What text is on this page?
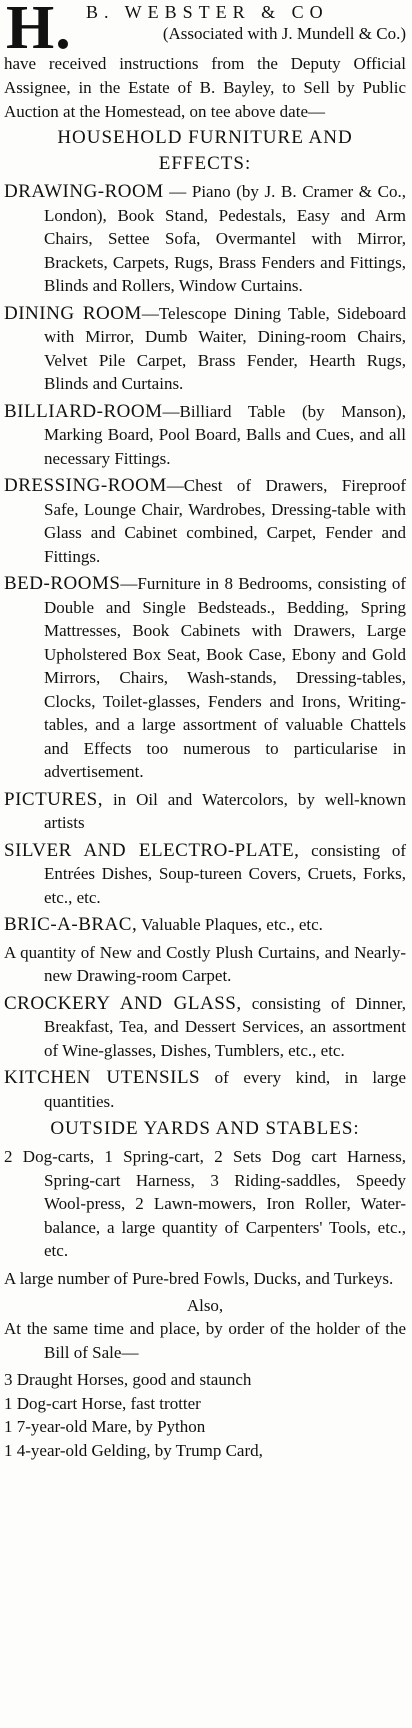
H. B. WEBSTER & CO
(Associated with J. Mundell & Co.)

have received instructions from the Deputy Official Assignee, in the Estate of B. Bayley, to Sell by Public Auction at the Homestead, on tee above date—

HOUSEHOLD FURNITURE AND
EFFECTS:

DRAWING-ROOM — Piano (by J. B. Cramer & Co., London), Book Stand, Pedestals, Easy and Arm Chairs, Settee Sofa, Overmantel with Mirror, Brackets, Carpets, Rugs, Brass Fenders and Fittings, Blinds and Rollers, Window Curtains.

DINING ROOM—Telescope Dining Table, Sideboard with Mirror, Dumb Waiter, Dining-room Chairs, Velvet Pile Carpet, Brass Fender, Hearth Rugs, Blinds and Curtains.

BILLIARD-ROOM—Billiard Table (by Manson), Marking Board, Pool Board, Balls and Cues, and all necessary Fittings.

DRESSING-ROOM—Chest of Drawers, Fireproof Safe, Lounge Chair, Wardrobes, Dressing-table with Glass and Cabinet combined, Carpet, Fender and Fittings.

BED-ROOMS—Furniture in 8 Bedrooms, consisting of Double and Single Bedsteads., Bedding, Spring Mattresses, Book Cabinets with Drawers, Large Upholstered Box Seat, Book Case, Ebony and Gold Mirrors, Chairs, Wash-stands, Dressing-tables, Clocks, Toilet-glasses, Fenders and Irons, Writing-tables, and a large assortment of valuable Chattels and Effects too numerous to particularise in advertisement.

PICTURES, in Oil and Watercolors, by well-known artists

SILVER AND ELECTRO-PLATE, consisting of Entrées Dishes, Soup-tureen Covers, Cruets, Forks, etc., etc.

BRIC-A-BRAC, Valuable Plaques, etc., etc.

A quantity of New and Costly Plush Curtains, and Nearly-new Drawing-room Carpet.

CROCKERY AND GLASS, consisting of Dinner, Breakfast, Tea, and Dessert Services, an assortment of Wine-glasses, Dishes, Tumblers, etc., etc.

KITCHEN UTENSILS of every kind, in large quantities.

OUTSIDE YARDS AND STABLES:

2 Dog-carts, 1 Spring-cart, 2 Sets Dog cart Harness, Spring-cart Harness, 3 Riding-saddles, Speedy Wool-press, 2 Lawn-mowers, Iron Roller, Water-balance, a large quantity of Carpenters' Tools, etc., etc.

A large number of Pure-bred Fowls, Ducks, and Turkeys.

Also,

At the same time and place, by order of the holder of the Bill of Sale—

3 Draught Horses, good and staunch

1 Dog-cart Horse, fast trotter

1 7-year-old Mare, by Python

1 4-year-old Gelding, by Trump Card,
